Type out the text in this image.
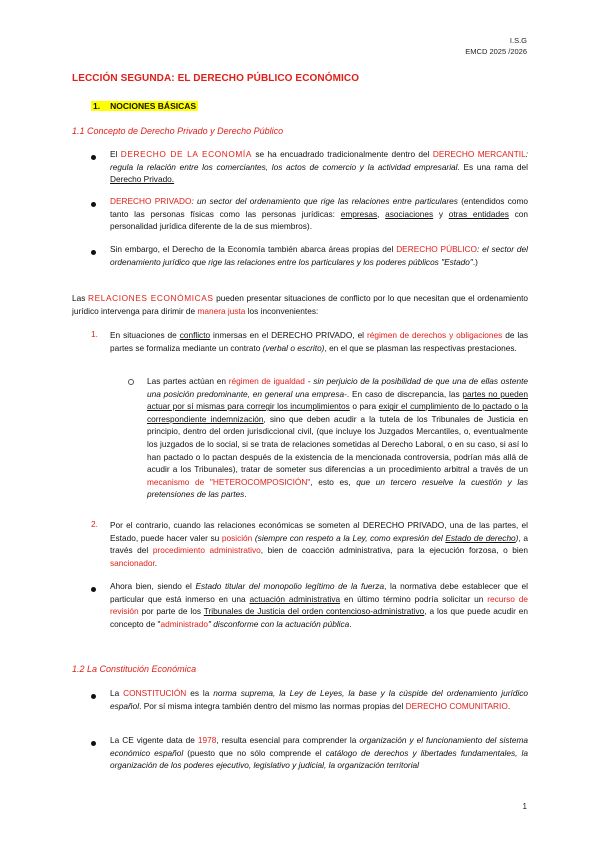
I.S.G
EMCD 2025 /2026
LECCIÓN SEGUNDA: EL DERECHO PÚBLICO ECONÓMICO
1. NOCIONES BÁSICAS
1.1 Concepto de Derecho Privado y Derecho Público
El DERECHO DE LA ECONOMÍA se ha encuadrado tradicionalmente dentro del DERECHO MERCANTIL: regula la relación entre los comerciantes, los actos de comercio y la actividad empresarial. Es una rama del Derecho Privado.
DERECHO PRIVADO: un sector del ordenamiento que rige las relaciones entre particulares (entendidos como tanto las personas físicas como las personas jurídicas: empresas, asociaciones y otras entidades con personalidad jurídica diferente de la de sus miembros).
Sin embargo, el Derecho de la Economía también abarca áreas propias del DERECHO PÚBLICO: el sector del ordenamiento jurídico que rige las relaciones entre los particulares y los poderes públicos "Estado".)
Las RELACIONES ECONÓMICAS pueden presentar situaciones de conflicto por lo que necesitan que el ordenamiento jurídico intervenga para dirimir de manera justa los inconvenientes:
1. En situaciones de conflicto inmersas en el DERECHO PRIVADO, el régimen de derechos y obligaciones de las partes se formaliza mediante un contrato (verbal o escrito), en el que se plasman las respectivas prestaciones.
Las partes actúan en régimen de igualdad - sin perjuicio de la posibilidad de que una de ellas ostente una posición predominante, en general una empresa-. En caso de discrepancia, las partes no pueden actuar por sí mismas para corregir los incumplimientos o para exigir el cumplimiento de lo pactado o la correspondiente indemnización, sino que deben acudir a la tutela de los Tribunales de Justicia en principio, dentro del orden jurisdiccional civil, (que incluye los Juzgados Mercantiles, o, eventualmente los juzgados de lo social, si se trata de relaciones sometidas al Derecho Laboral, o en su caso, si así lo han pactado o lo pactan después de la existencia de la mencionada controversia, podrían más allá de acudir a los Tribunales), tratar de someter sus diferencias a un procedimiento arbitral a través de un mecanismo de "HETEROCOMPOSICIÓN", esto es, que un tercero resuelve la cuestión y las pretensiones de las partes.
2. Por el contrario, cuando las relaciones económicas se someten al DERECHO PRIVADO, una de las partes, el Estado, puede hacer valer su posición (siempre con respeto a la Ley, como expresión del Estado de derecho), a través del procedimiento administrativo, bien de coacción administrativa, para la ejecución forzosa, o bien sancionador.
Ahora bien, siendo el Estado titular del monopolio legítimo de la fuerza, la normativa debe establecer que el particular que está inmerso en una actuación administrativa en último término podría solicitar un recurso de revisión por parte de los Tribunales de Justicia del orden contencioso-administrativo, a los que puede acudir en concepto de "administrado" disconforme con la actuación pública.
1.2 La Constitución Económica
La CONSTITUCIÓN es la norma suprema, la Ley de Leyes, la base y la cúspide del ordenamiento jurídico español. Por sí misma integra también dentro del mismo las normas propias del DERECHO COMUNITARIO.
La CE vigente data de 1978, resulta esencial para comprender la organización y el funcionamiento del sistema económico español (puesto que no sólo comprende el catálogo de derechos y libertades fundamentales, la organización de los poderes ejecutivo, legislativo y judicial, la organización territorial
1
